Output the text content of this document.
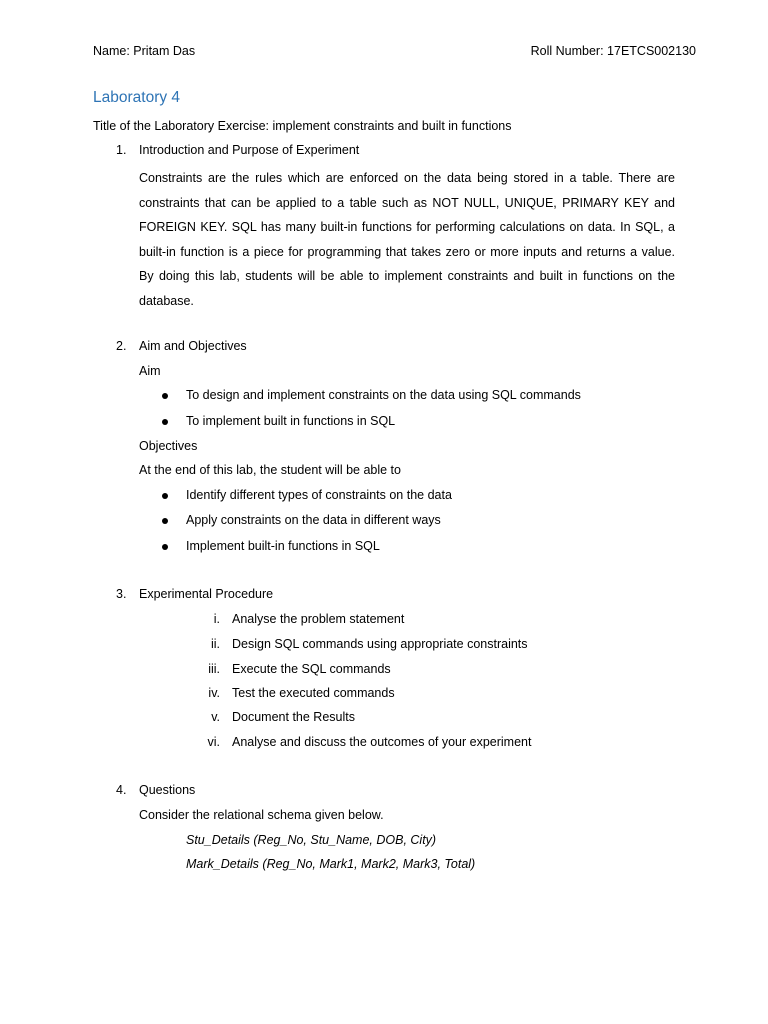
Name: Pritam Das	Roll Number: 17ETCS002130
Laboratory 4
Title of the Laboratory Exercise: implement constraints and built in functions
1. Introduction and Purpose of Experiment
Constraints are the rules which are enforced on the data being stored in a table. There are constraints that can be applied to a table such as NOT NULL, UNIQUE, PRIMARY KEY and FOREIGN KEY. SQL has many built-in functions for performing calculations on data. In SQL, a built-in function is a piece for programming that takes zero or more inputs and returns a value. By doing this lab, students will be able to implement constraints and built in functions on the database.
2. Aim and Objectives
Aim
To design and implement constraints on the data using SQL commands
To implement built in functions in SQL
Objectives
At the end of this lab, the student will be able to
Identify different types of constraints on the data
Apply constraints on the data in different ways
Implement built-in functions in SQL
3. Experimental Procedure
i. Analyse the problem statement
ii. Design SQL commands using appropriate constraints
iii. Execute the SQL commands
iv. Test the executed commands
v. Document the Results
vi. Analyse and discuss the outcomes of your experiment
4. Questions
Consider the relational schema given below.
Stu_Details (Reg_No, Stu_Name, DOB, City)
Mark_Details (Reg_No, Mark1, Mark2, Mark3, Total)
